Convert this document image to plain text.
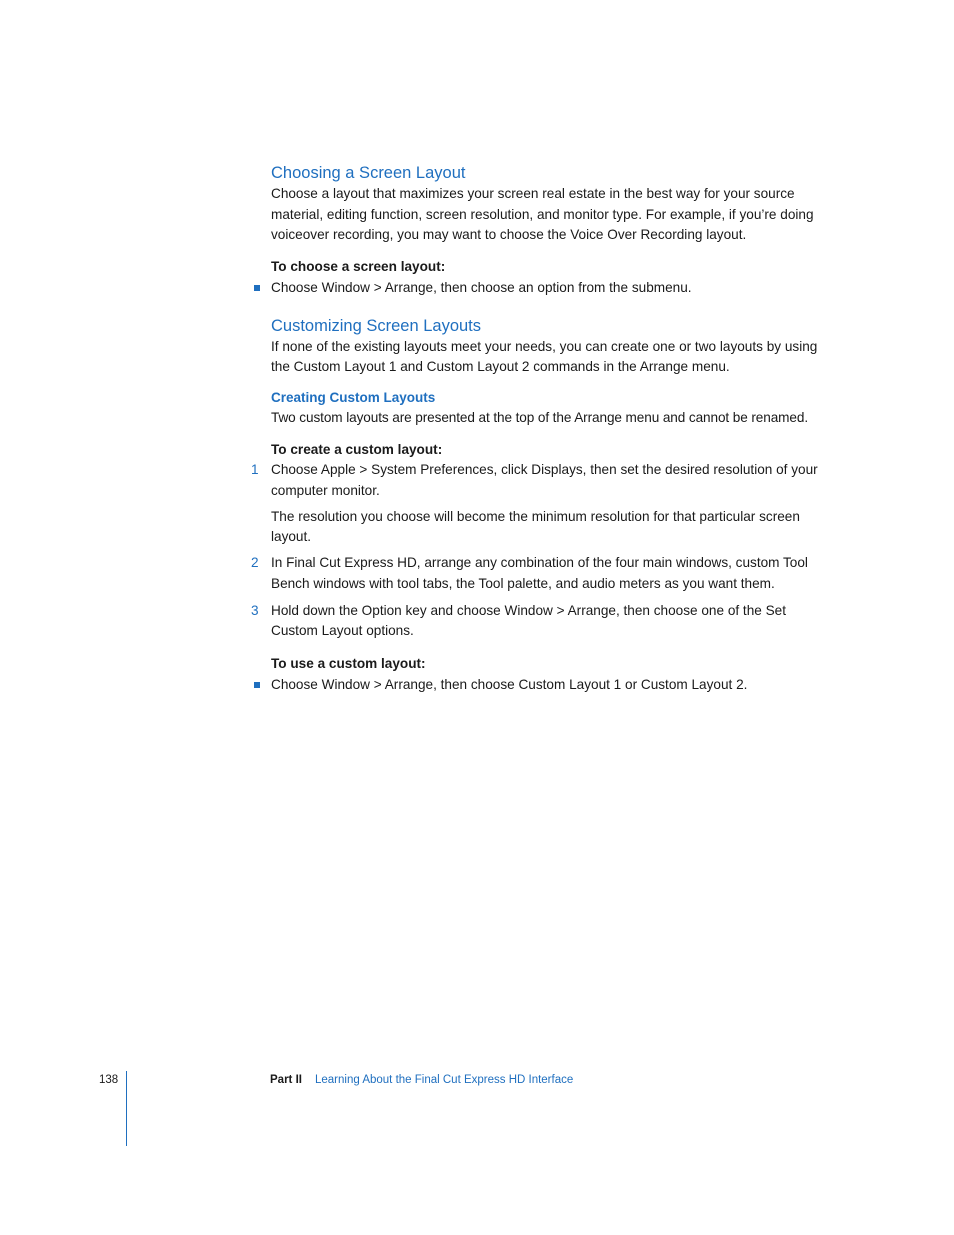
Choosing a Screen Layout

Choose a layout that maximizes your screen real estate in the best way for your source material, editing function, screen resolution, and monitor type. For example, if you’re doing voiceover recording, you may want to choose the Voice Over Recording layout.

To choose a screen layout:

Choose Window > Arrange, then choose an option from the submenu.

Customizing Screen Layouts

If none of the existing layouts meet your needs, you can create one or two layouts by using the Custom Layout 1 and Custom Layout 2 commands in the Arrange menu.

Creating Custom Layouts

Two custom layouts are presented at the top of the Arrange menu and cannot be renamed.

To create a custom layout:

1 Choose Apple > System Preferences, click Displays, then set the desired resolution of your computer monitor.

The resolution you choose will become the minimum resolution for that particular screen layout.

2 In Final Cut Express HD, arrange any combination of the four main windows, custom Tool Bench windows with tool tabs, the Tool palette, and audio meters as you want them.

3 Hold down the Option key and choose Window > Arrange, then choose one of the Set Custom Layout options.

To use a custom layout:

Choose Window > Arrange, then choose Custom Layout 1 or Custom Layout 2.

138	Part II Learning About the Final Cut Express HD Interface
